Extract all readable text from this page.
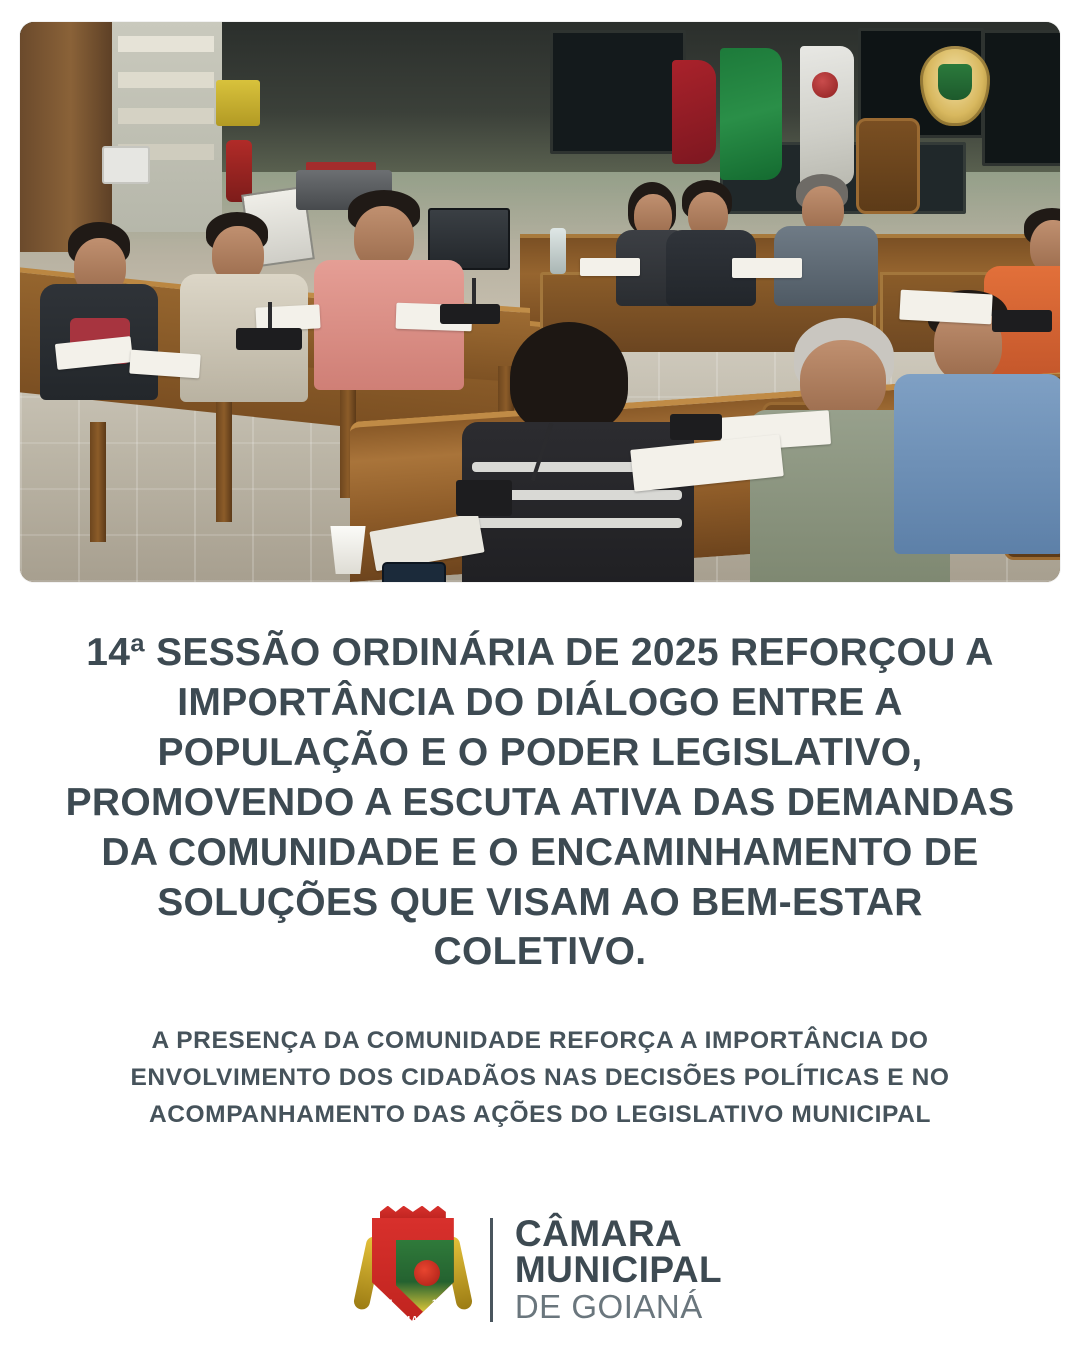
14ª SESSÃO ORDINÁRIA DE 2025 REFORÇOU A IMPORTÂNCIA DO DIÁLOGO ENTRE A POPULAÇÃO E O PODER LEGISLATIVO, PROMOVENDO A ESCUTA ATIVA DAS DEMANDAS DA COMUNIDADE E O ENCAMINHAMENTO DE SOLUÇÕES QUE VISAM AO BEM-ESTAR COLETIVO.
A PRESENÇA DA COMUNIDADE REFORÇA A IMPORTÂNCIA DO ENVOLVIMENTO DOS CIDADÃOS NAS DECISÕES POLÍTICAS E NO ACOMPANHAMENTO DAS AÇÕES DO LEGISLATIVO MUNICIPAL
1911	1985
GOIANÁ
CÂMARA
MUNICIPAL
DE GOIANÁ
